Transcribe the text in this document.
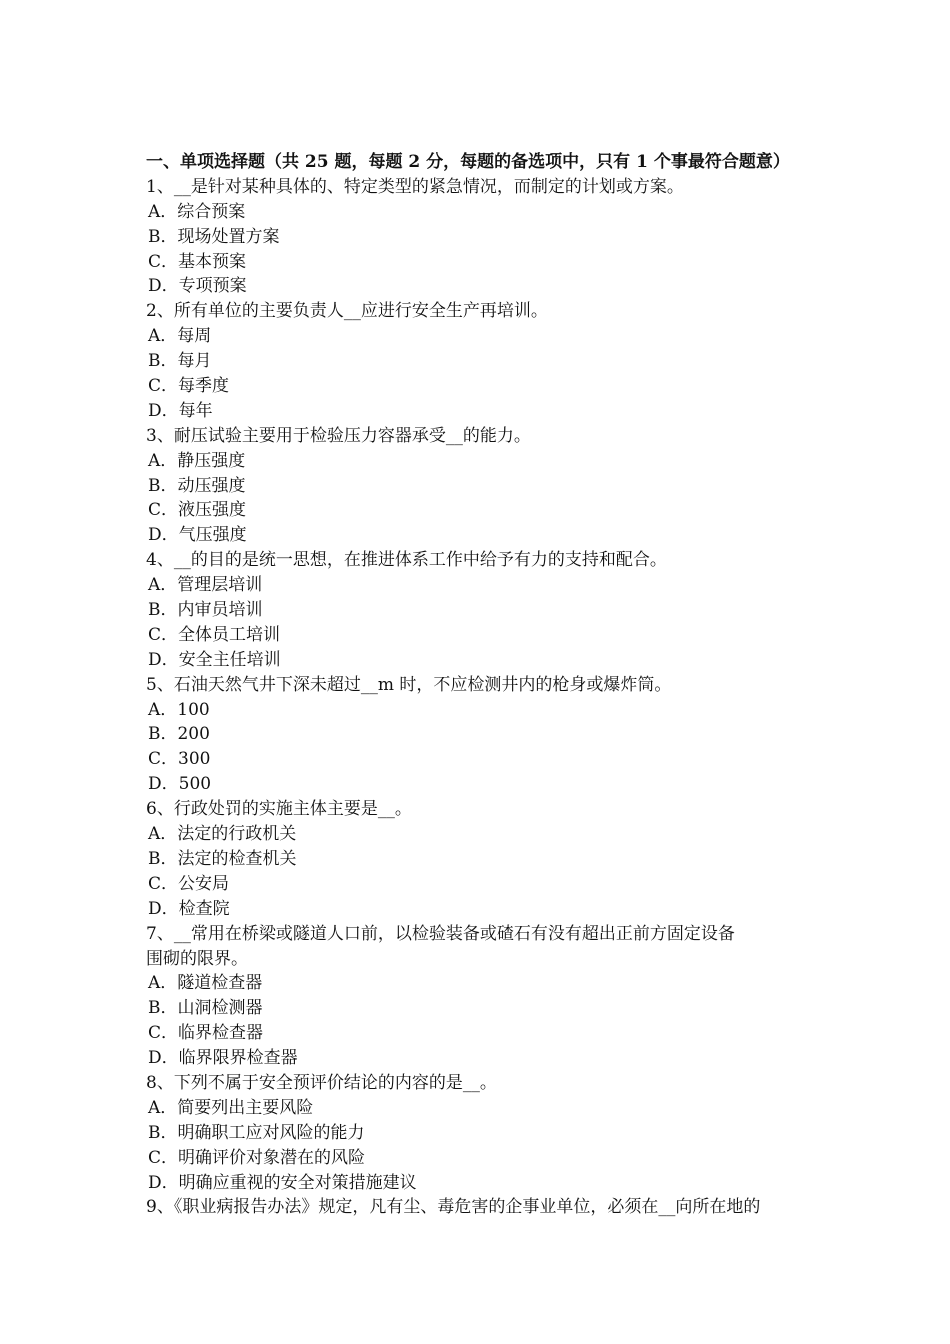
一、单项选择题（共 25 题，每题 2 分，每题的备选项中，只有 1 个事最符合题意）
1、__是针对某种具体的、特定类型的紧急情况，而制定的计划或方案。
A．综合预案
B．现场处置方案
C．基本预案
D．专项预案
2、所有单位的主要负责人__应进行安全生产再培训。
A．每周
B．每月
C．每季度
D．每年
3、耐压试验主要用于检验压力容器承受__的能力。
A．静压强度
B．动压强度
C．液压强度
D．气压强度
4、__的目的是统一思想，在推进体系工作中给予有力的支持和配合。
A．管理层培训
B．内审员培训
C．全体员工培训
D．安全主任培训
5、石油天然气井下深未超过__m 时，不应检测井内的枪身或爆炸筒。
A．100
B．200
C．300
D．500
6、行政处罚的实施主体主要是__。
A．法定的行政机关
B．法定的检查机关
C．公安局
D．检查院
7、__常用在桥梁或隧道人口前，以检验装备或碴石有没有超出正前方固定设备
围砌的限界。
A．隧道检查器
B．山洞检测器
C．临界检查器
D．临界限界检查器
8、下列不属于安全预评价结论的内容的是__。
A．简要列出主要风险
B．明确职工应对风险的能力
C．明确评价对象潜在的风险
D．明确应重视的安全对策措施建议
9、《职业病报告办法》规定，凡有尘、毒危害的企事业单位，必须在__向所在地的
